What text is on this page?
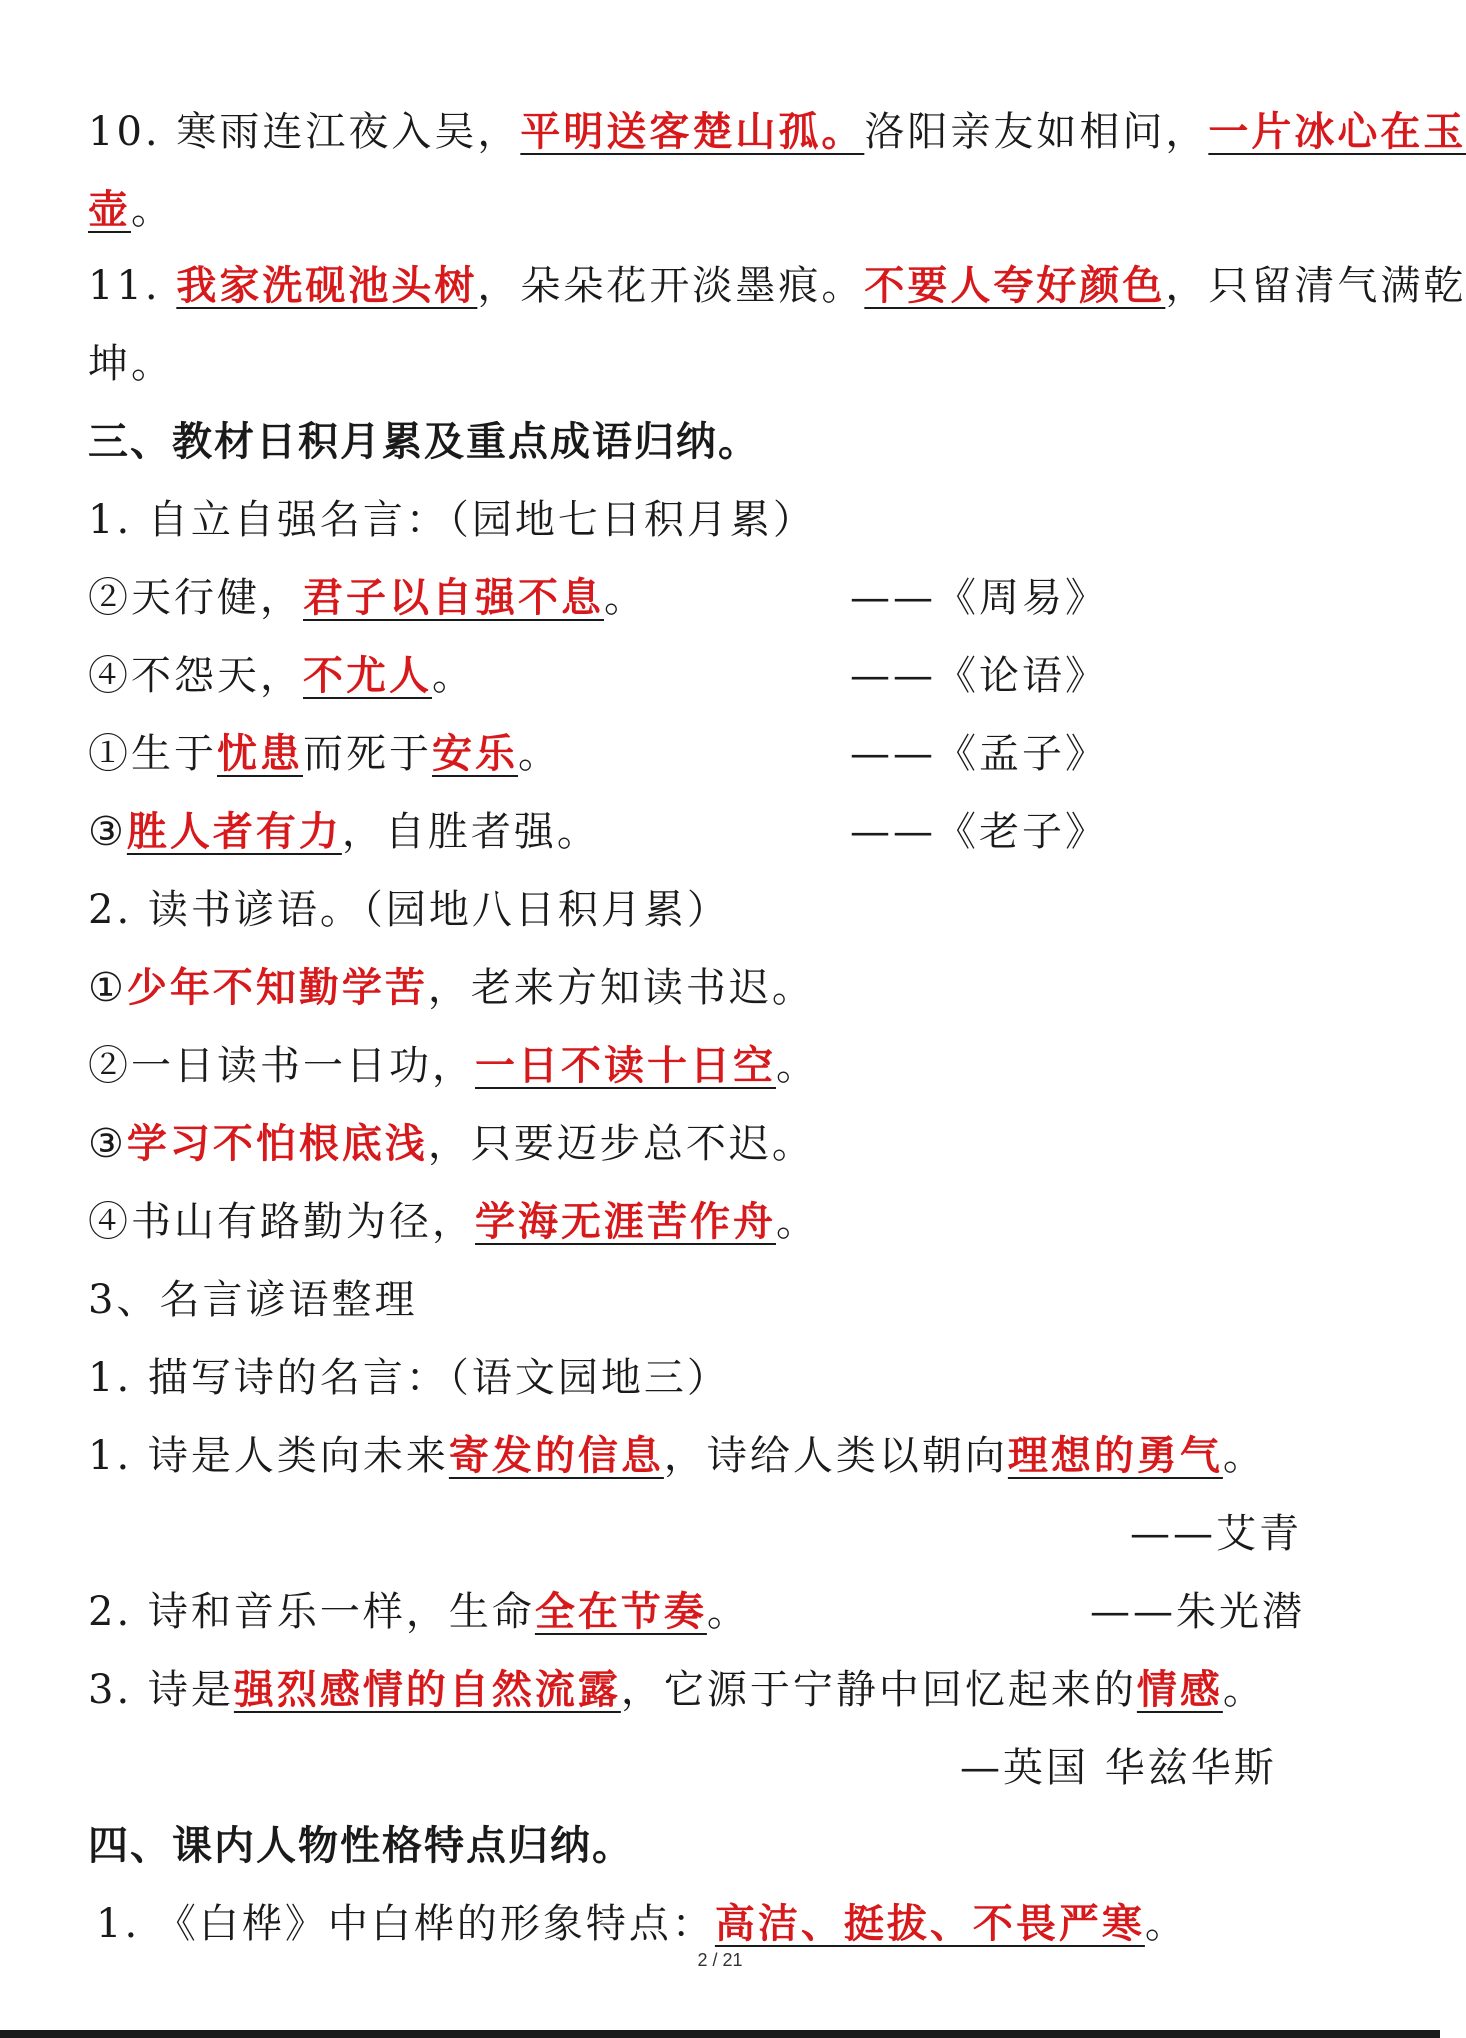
10. 寒雨连江夜入吴，平明送客楚山孤。洛阳亲友如相问，一片冰心在玉
壶。
11. 我家洗砚池头树，朵朵花开淡墨痕。不要人夸好颜色，只留清气满乾
坤。
三、教材日积月累及重点成语归纳。
1. 自立自强名言：（园地七日积月累）
②天行健，君子以自强不息。	——《周易》
④不怨天，不尤人。	——《论语》
①生于忧患而死于安乐。	——《孟子》
③胜人者有力，自胜者强。	——《老子》
2. 读书谚语。（园地八日积月累）
①少年不知勤学苦，老来方知读书迟。
②一日读书一日功，一日不读十日空。
③学习不怕根底浅，只要迈步总不迟。
④书山有路勤为径，学海无涯苦作舟。
3、名言谚语整理
1. 描写诗的名言：（语文园地三）
1. 诗是人类向未来寄发的信息，诗给人类以朝向理想的勇气。
——艾青
2. 诗和音乐一样，生命全在节奏。	——朱光潜
3. 诗是强烈感情的自然流露，它源于宁静中回忆起来的情感。
—英国 华兹华斯
四、课内人物性格特点归纳。
1. 《白桦》中白桦的形象特点：高洁、挺拔、不畏严寒。
2 / 21
